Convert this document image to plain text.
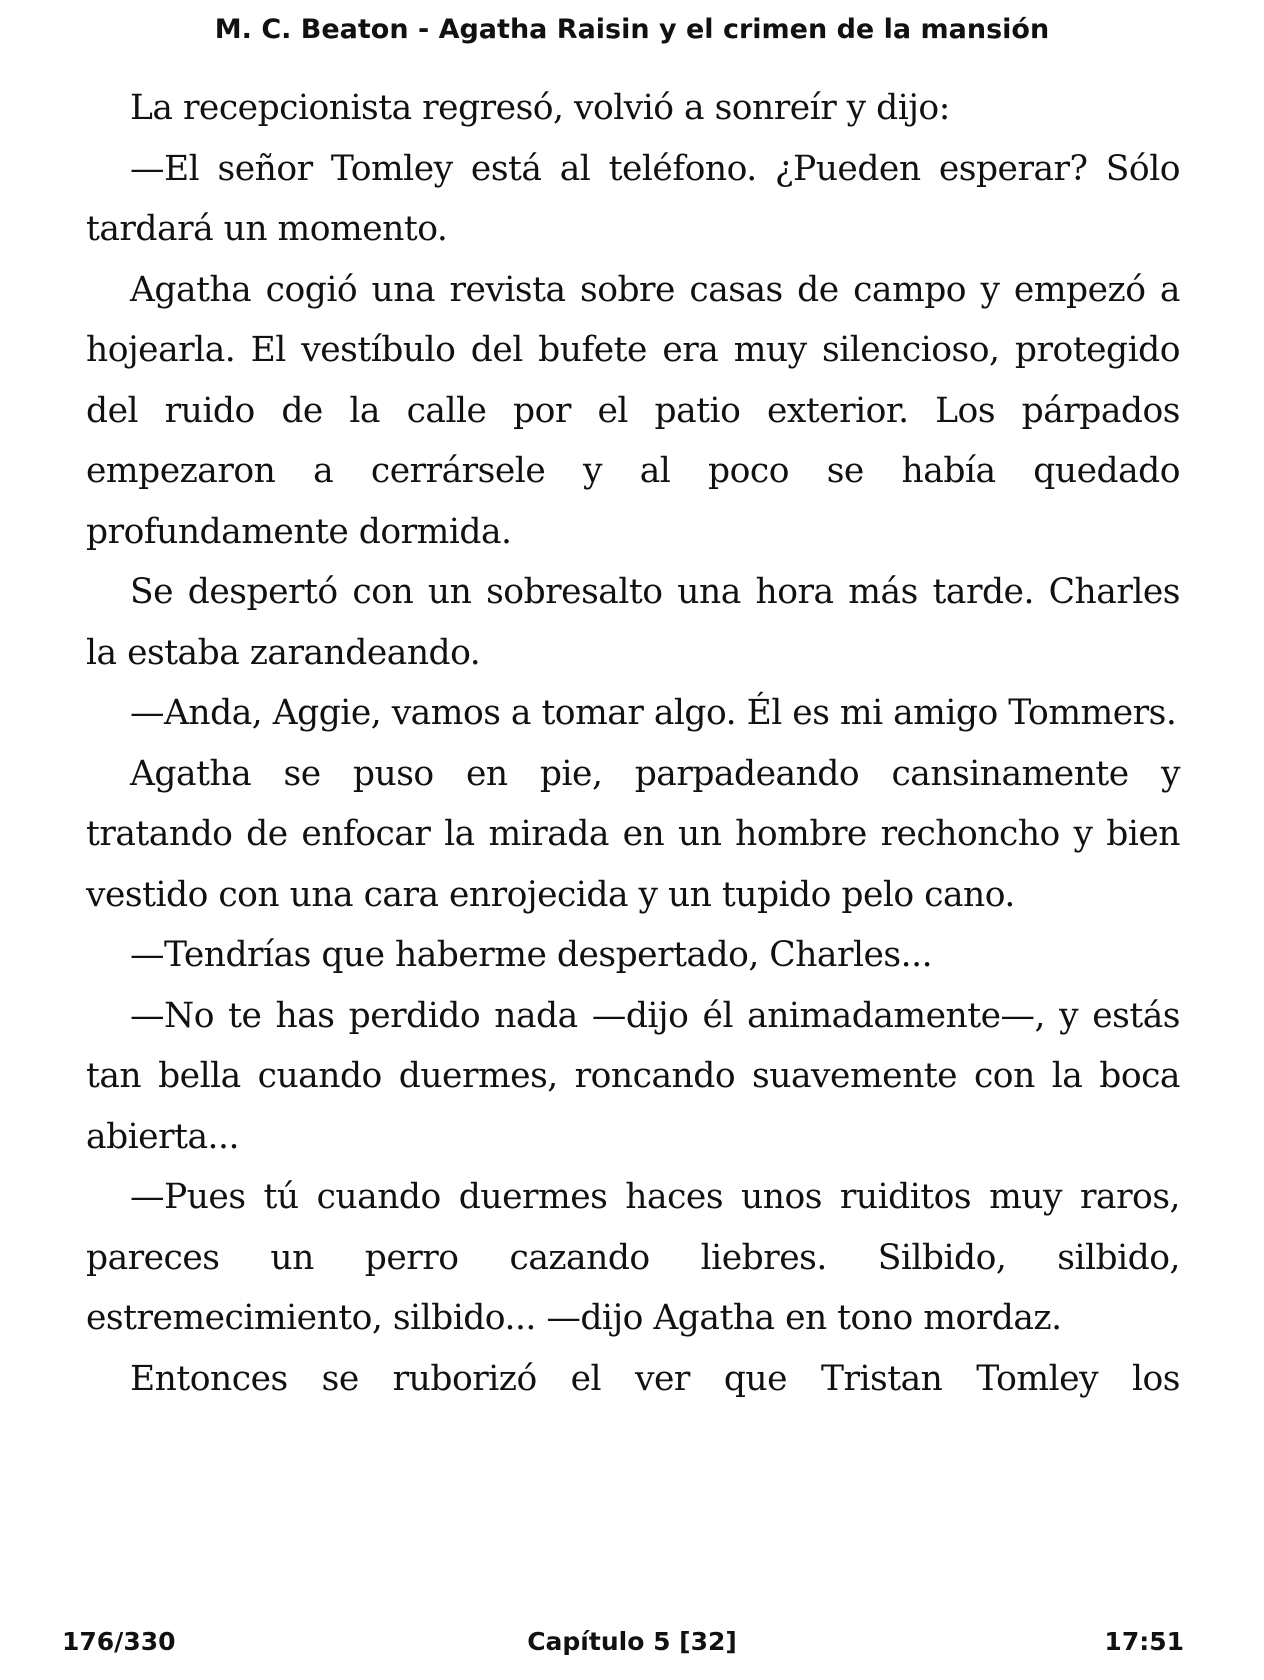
M. C. Beaton - Agatha Raisin y el crimen de la mansión

La recepcionista regresó, volvió a sonreír y dijo:

—El señor Tomley está al teléfono. ¿Pueden esperar? Sólo tardará un momento.

Agatha cogió una revista sobre casas de campo y empezó a hojearla. El vestíbulo del bufete era muy silencioso, protegido del ruido de la calle por el patio exterior. Los párpados empezaron a cerrársele y al poco se había quedado profundamente dormida.

Se despertó con un sobresalto una hora más tarde. Charles la estaba zarandeando.

—Anda, Aggie, vamos a tomar algo. Él es mi amigo Tommers.

Agatha se puso en pie, parpadeando cansinamente y tratando de enfocar la mirada en un hombre rechoncho y bien vestido con una cara enrojecida y un tupido pelo cano.

—Tendrías que haberme despertado, Charles...

—No te has perdido nada —dijo él animadamente—, y estás tan bella cuando duermes, roncando suavemente con la boca abierta...

—Pues tú cuando duermes haces unos ruiditos muy raros, pareces un perro cazando liebres. Silbido, silbido, estremecimiento, silbido... —dijo Agatha en tono mordaz.

Entonces se ruborizó el ver que Tristan Tomley los

176/330	Capítulo 5 [32]	17:51
